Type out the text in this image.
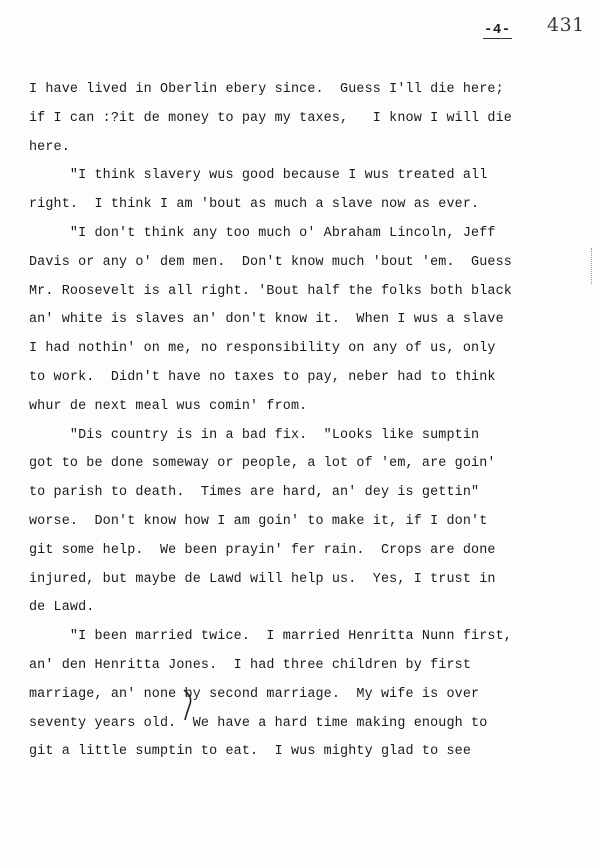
-4- 431
I have lived in Oberlin ebery since.  Guess I'll die here;
if I can :?it de money to pay my taxes,   I know I will die
here.
"I think slavery wus good because I wus treated all
right.  I think I am 'bout as much a slave now as ever.
"I don't think any too much o' Abraham Lincoln, Jeff
Davis or any o' dem men.  Don't know much 'bout 'em.  Guess
Mr. Roosevelt is all right. 'Bout half the folks both black
an' white is slaves an' don't know it.  When I wus a slave
I had nothin' on me, no responsibility on any of us, only
to work.  Didn't have no taxes to pay, neber had to think
whur de next meal wus comin' from.
"Dis country is in a bad fix.  "Looks like sumptin
got to be done someway or people, a lot of 'em, are goin'
to parish to death.  Times are hard, an' dey is gettin"
worse.  Don't know how I am goin' to make it, if I don't
git some help.  We been prayin' fer rain.  Crops are done
injured, but maybe de Lawd will help us.  Yes, I trust in
de Lawd.
"I been married twice.  I married Henritta Nunn first,
an' den Henritta Jones.  I had three children by first
marriage, an' none by second marriage.  My wife is over
seventy years old.  We have a hard time making enough to
git a little sumptin to eat.  I wus mighty glad to see
